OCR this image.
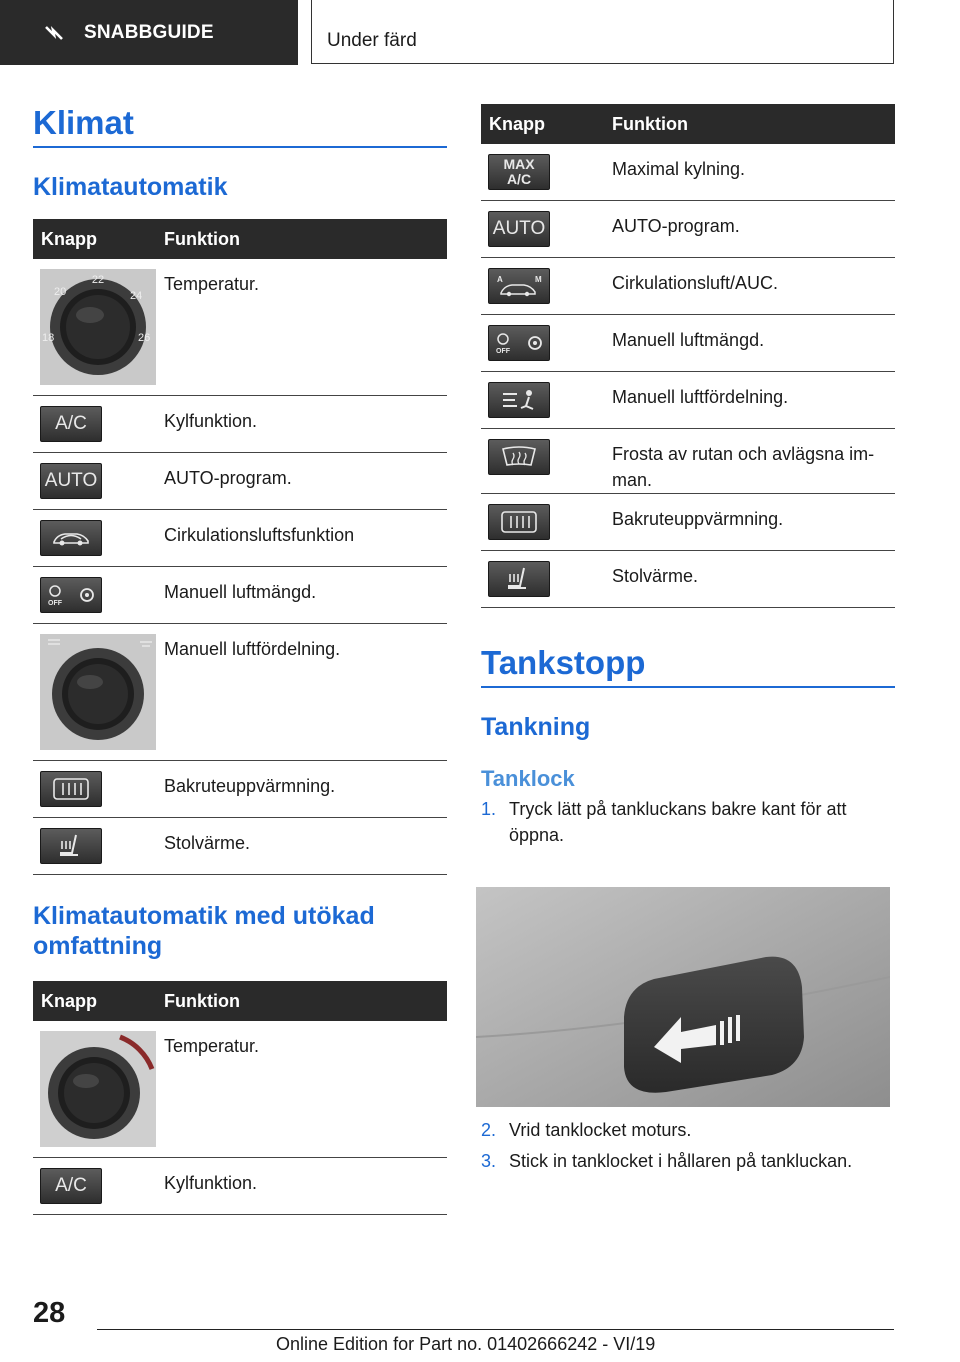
SNABBGUIDE	Under färd
Klimat
Klimatautomatik
Knapp	Funktion

22
20 24
18 26	Temperatur.

A/C	Kylfunktion.

AUTO	AUTO-program.

	Cirkulationsluftsfunktion

OFF	Manuell luftmängd.

	Manuell luftfördelning.

	Bakruteuppvärmning.

	Stolvärme.
Klimatautomatik med utökad omfattning
Knapp	Funktion

	Temperatur.

A/C	Kylfunktion.
Knapp	Funktion

MAX
A/C	Maximal kylning.

AUTO	AUTO-program.

A M	Cirkulationsluft/AUC.

OFF	Manuell luftmängd.

	Manuell luftfördelning.

	Frosta av rutan och avlägsna im-man.

	Bakruteuppvärmning.

	Stolvärme.
Tankstopp
Tankning
Tanklock
1. Tryck lätt på tankluckans bakre kant för att öppna.
2. Vrid tanklocket moturs.
3. Stick in tanklocket i hållaren på tankluckan.
28
Online Edition for Part no. 01402666242 - VI/19
